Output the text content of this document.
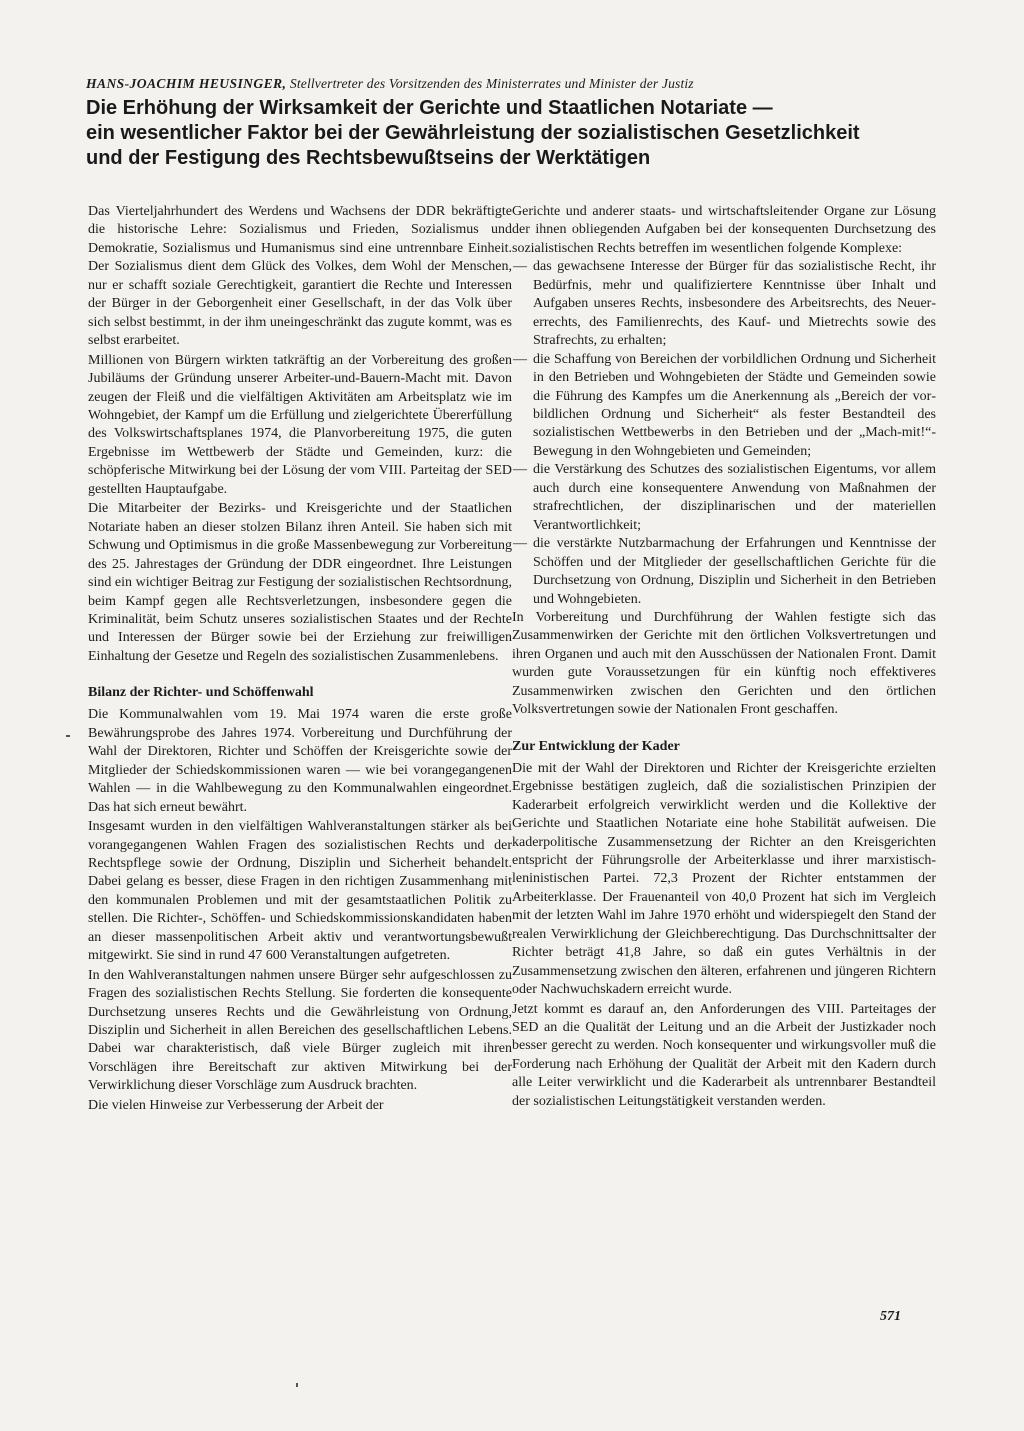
HANS-JOACHIM HEUSINGER, Stellvertreter des Vorsitzenden des Ministerrates und Minister der Justiz
Die Erhöhung der Wirksamkeit der Gerichte und Staatlichen Notariate —
ein wesentlicher Faktor bei der Gewährleistung der sozialistischen Gesetzlichkeit
und der Festigung des Rechtsbewußtseins der Werktätigen

Das Vierteljahrhundert des Werdens und Wachsens der DDR bekräftigte die historische Lehre: Sozialismus und Frieden, Sozialismus und Demokratie, Sozialismus und Humanismus sind eine untrennbare Einheit. Der Sozialismus dient dem Glück des Volkes, dem Wohl der Menschen, nur er schafft soziale Gerechtigkeit, garantiert die Rechte und Interessen der Bürger in der Geborgenheit einer Gesellschaft, in der das Volk über sich selbst bestimmt, in der ihm uneingeschränkt das zugute kommt, was es selbst erarbeitet.

Millionen von Bürgern wirkten tatkräftig an der Vorbereitung des großen Jubiläums der Gründung unserer Arbeiter-und-Bauern-Macht mit. Davon zeugen der Fleiß und die vielfältigen Aktivitäten am Arbeitsplatz wie im Wohngebiet, der Kampf um die Erfüllung und zielgerichtete Übererfüllung des Volkswirtschaftsplanes 1974, die Planvorbereitung 1975, die guten Ergebnisse im Wettbewerb der Städte und Gemeinden, kurz: die schöpferische Mitwirkung bei der Lösung der vom VIII. Parteitag der SED gestellten Hauptaufgabe.

Die Mitarbeiter der Bezirks- und Kreisgerichte und der Staatlichen Notariate haben an dieser stolzen Bilanz ihren Anteil. Sie haben sich mit Schwung und Optimismus in die große Massenbewegung zur Vorbereitung des 25. Jahrestages der Gründung der DDR eingeordnet. Ihre Leistungen sind ein wichtiger Beitrag zur Festigung der sozialistischen Rechtsordnung, beim Kampf gegen alle Rechtsverletzungen, insbesondere gegen die Kriminalität, beim Schutz unseres sozialistischen Staates und der Rechte und Interessen der Bürger sowie bei der Erziehung zur freiwilligen Einhaltung der Gesetze und Regeln des sozialistischen Zusammenlebens.

Bilanz der Richter- und Schöffenwahl

Die Kommunalwahlen vom 19. Mai 1974 waren die erste große Bewährungsprobe des Jahres 1974. Vorbereitung und Durchführung der Wahl der Direktoren, Richter und Schöffen der Kreisgerichte sowie der Mitglieder der Schiedskommissionen waren — wie bei vorangegangenen Wahlen — in die Wahlbewegung zu den Kommunalwahlen eingeordnet. Das hat sich erneut bewährt.

Insgesamt wurden in den vielfältigen Wahlveranstaltungen stärker als bei vorangegangenen Wahlen Fragen des sozialistischen Rechts und der Rechtspflege sowie der Ordnung, Disziplin und Sicherheit behandelt. Dabei gelang es besser, diese Fragen in den richtigen Zusammenhang mit den kommunalen Problemen und mit der gesamtstaatlichen Politik zu stellen. Die Richter-, Schöffen- und Schiedskommissionskandidaten haben an dieser massenpolitischen Arbeit aktiv und verantwortungsbewußt mitgewirkt. Sie sind in rund 47 600 Veranstaltungen aufgetreten.

In den Wahlveranstaltungen nahmen unsere Bürger sehr aufgeschlossen zu Fragen des sozialistischen Rechts Stellung. Sie forderten die konsequente Durchsetzung unseres Rechts und die Gewährleistung von Ordnung, Disziplin und Sicherheit in allen Bereichen des gesellschaftlichen Lebens. Dabei war charakteristisch, daß viele Bürger zugleich mit ihren Vorschlägen ihre Bereitschaft zur aktiven Mitwirkung bei der Verwirklichung dieser Vorschläge zum Ausdruck brachten.

Die vielen Hinweise zur Verbesserung der Arbeit der

Gerichte und anderer staats- und wirtschaftsleitender Organe zur Lösung der ihnen obliegenden Aufgaben bei der konsequenten Durchsetzung des sozialistischen Rechts betreffen im wesentlichen folgende Komplexe:

— das gewachsene Interesse der Bürger für das sozialistische Recht, ihr Bedürfnis, mehr und qualifiziertere Kenntnisse über Inhalt und Aufgaben unseres Rechts, insbesondere des Arbeitsrechts, des Neuererrechts, des Familienrechts, des Kauf- und Mietrechts sowie des Strafrechts, zu erhalten;
— die Schaffung von Bereichen der vorbildlichen Ordnung und Sicherheit in den Betrieben und Wohngebieten der Städte und Gemeinden sowie die Führung des Kampfes um die Anerkennung als „Bereich der vorbildlichen Ordnung und Sicherheit“ als fester Bestandteil des sozialistischen Wettbewerbs in den Betrieben und der „Mach-mit!“-Bewegung in den Wohngebieten und Gemeinden;
— die Verstärkung des Schutzes des sozialistischen Eigentums, vor allem auch durch eine konsequentere Anwendung von Maßnahmen der strafrechtlichen, der disziplinarischen und der materiellen Verantwortlichkeit;
— die verstärkte Nutzbarmachung der Erfahrungen und Kenntnisse der Schöffen und der Mitglieder der gesellschaftlichen Gerichte für die Durchsetzung von Ordnung, Disziplin und Sicherheit in den Betrieben und Wohngebieten.

In Vorbereitung und Durchführung der Wahlen festigte sich das Zusammenwirken der Gerichte mit den örtlichen Volksvertretungen und ihren Organen und auch mit den Ausschüssen der Nationalen Front. Damit wurden gute Voraussetzungen für ein künftig noch effektiveres Zusammenwirken zwischen den Gerichten und den örtlichen Volksvertretungen sowie der Nationalen Front geschaffen.

Zur Entwicklung der Kader

Die mit der Wahl der Direktoren und Richter der Kreisgerichte erzielten Ergebnisse bestätigen zugleich, daß die sozialistischen Prinzipien der Kaderarbeit erfolgreich verwirklicht werden und die Kollektive der Gerichte und Staatlichen Notariate eine hohe Stabilität aufweisen. Die kaderpolitische Zusammensetzung der Richter an den Kreisgerichten entspricht der Führungsrolle der Arbeiterklasse und ihrer marxistisch-leninistischen Partei. 72,3 Prozent der Richter entstammen der Arbeiterklasse. Der Frauenanteil von 40,0 Prozent hat sich im Vergleich mit der letzten Wahl im Jahre 1970 erhöht und widerspiegelt den Stand der realen Verwirklichung der Gleichberechtigung. Das Durchschnittsalter der Richter beträgt 41,8 Jahre, so daß ein gutes Verhältnis in der Zusammensetzung zwischen den älteren, erfahrenen und jüngeren Richtern oder Nachwuchskadern erreicht wurde.

Jetzt kommt es darauf an, den Anforderungen des VIII. Parteitages der SED an die Qualität der Leitung und an die Arbeit der Justizkader noch besser gerecht zu werden. Noch konsequenter und wirkungsvoller muß die Forderung nach Erhöhung der Qualität der Arbeit mit den Kadern durch alle Leiter verwirklicht und die Kaderarbeit als untrennbarer Bestandteil der sozialistischen Leitungstätigkeit verstanden werden.

571
